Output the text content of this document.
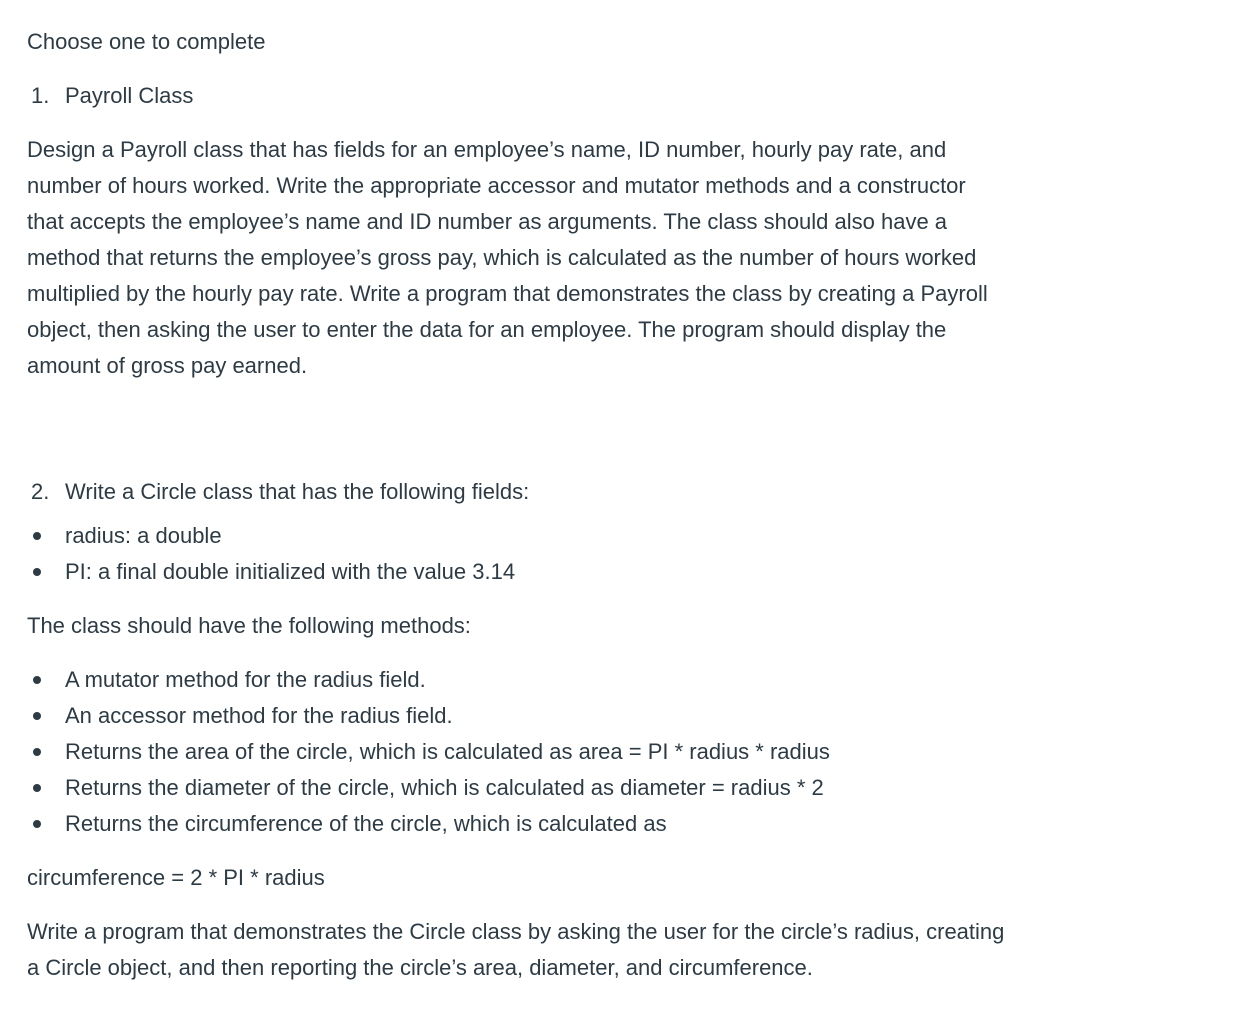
Choose one to complete

1. Payroll Class

Design a Payroll class that has fields for an employee’s name, ID number, hourly pay rate, and number of hours worked. Write the appropriate accessor and mutator methods and a constructor that accepts the employee’s name and ID number as arguments. The class should also have a method that returns the employee’s gross pay, which is calculated as the number of hours worked multiplied by the hourly pay rate. Write a program that demonstrates the class by creating a Payroll object, then asking the user to enter the data for an employee. The program should display the amount of gross pay earned.

2. Write a Circle class that has the following fields:
radius: a double
PI: a final double initialized with the value 3.14

The class should have the following methods:

A mutator method for the radius field.
An accessor method for the radius field.
Returns the area of the circle, which is calculated as area = PI * radius * radius
Returns the diameter of the circle, which is calculated as diameter = radius * 2
Returns the circumference of the circle, which is calculated as

circumference = 2 * PI * radius

Write a program that demonstrates the Circle class by asking the user for the circle’s radius, creating a Circle object, and then reporting the circle’s area, diameter, and circumference.
